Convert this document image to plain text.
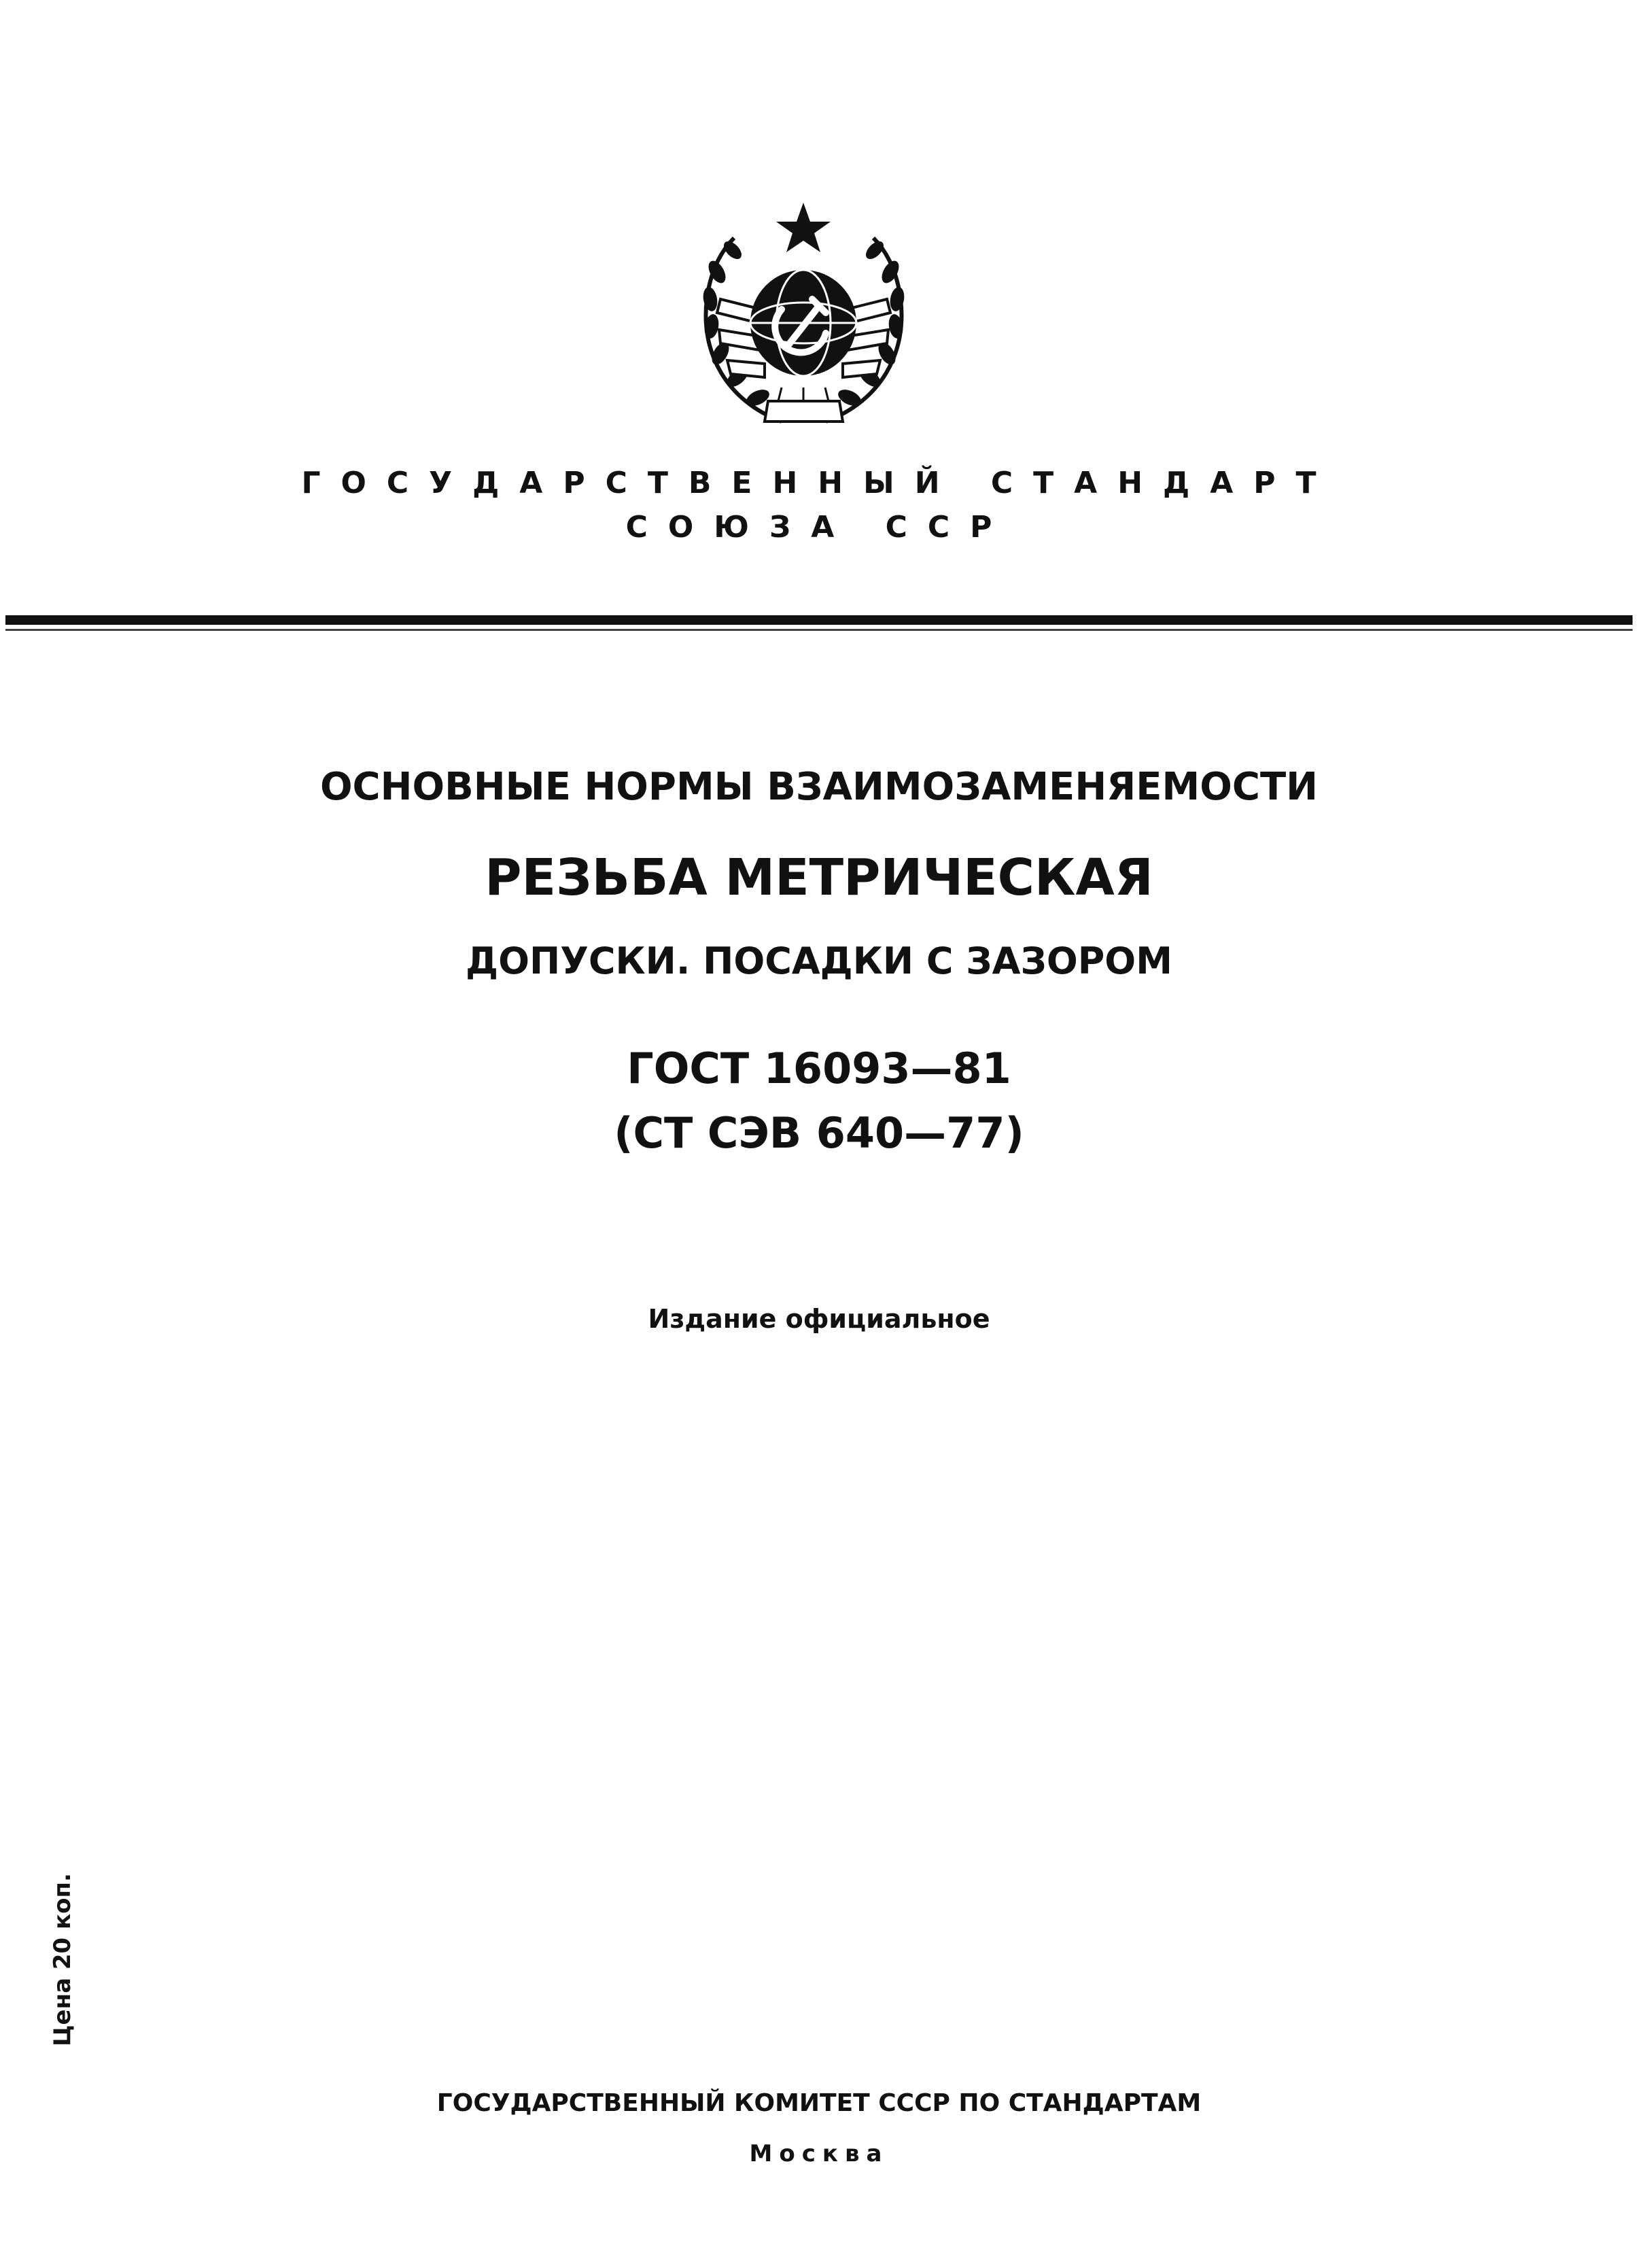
ГОСУДАРСТВЕННЫЙ СТАНДАРТ
СОЮЗА ССР
ОСНОВНЫЕ НОРМЫ ВЗАИМОЗАМЕНЯЕМОСТИ
РЕЗЬБА МЕТРИЧЕСКАЯ
ДОПУСКИ. ПОСАДКИ С ЗАЗОРОМ
ГОСТ 16093—81
(СТ СЭВ 640—77)
Издание официальное
Цена 20 коп.
ГОСУДАРСТВЕННЫЙ КОМИТЕТ СССР ПО СТАНДАРТАМ
Москва
